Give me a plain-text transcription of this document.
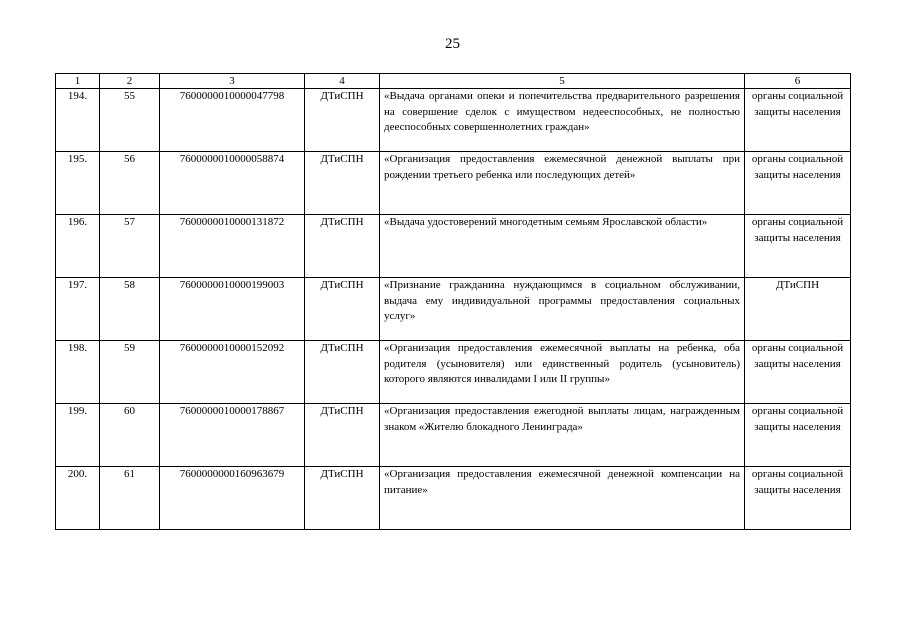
25
1	2	3	4	5	6
194.	55	7600000010000047798	ДТиСПН	«Выдача органами опеки и попечительства предварительного разрешения на совершение сделок с имуществом недееспособных, не полностью дееспособных совершеннолетних граждан»	органы социальной защиты населения
195.	56	7600000010000058874	ДТиСПН	«Организация предоставления ежемесячной денежной выплаты при рождении третьего ребенка или последующих детей»	органы социальной защиты населения
196.	57	7600000010000131872	ДТиСПН	«Выдача удостоверений многодетным семьям Ярославской области»	органы социальной защиты населения
197.	58	7600000010000199003	ДТиСПН	«Признание гражданина нуждающимся в социальном обслуживании, выдача ему индивидуальной программы предоставления социальных услуг»	ДТиСПН
198.	59	7600000010000152092	ДТиСПН	«Организация предоставления ежемесячной выплаты на ребенка, оба родителя (усыновителя) или единственный родитель (усыновитель) которого являются инвалидами I или II группы»	органы социальной защиты населения
199.	60	7600000010000178867	ДТиСПН	«Организация предоставления ежегодной выплаты лицам, награжденным знаком «Жителю блокадного Ленинграда»	органы социальной защиты населения
200.	61	7600000000160963679	ДТиСПН	«Организация предоставления ежемесячной денежной компенсации на питание»	органы социальной защиты населения
